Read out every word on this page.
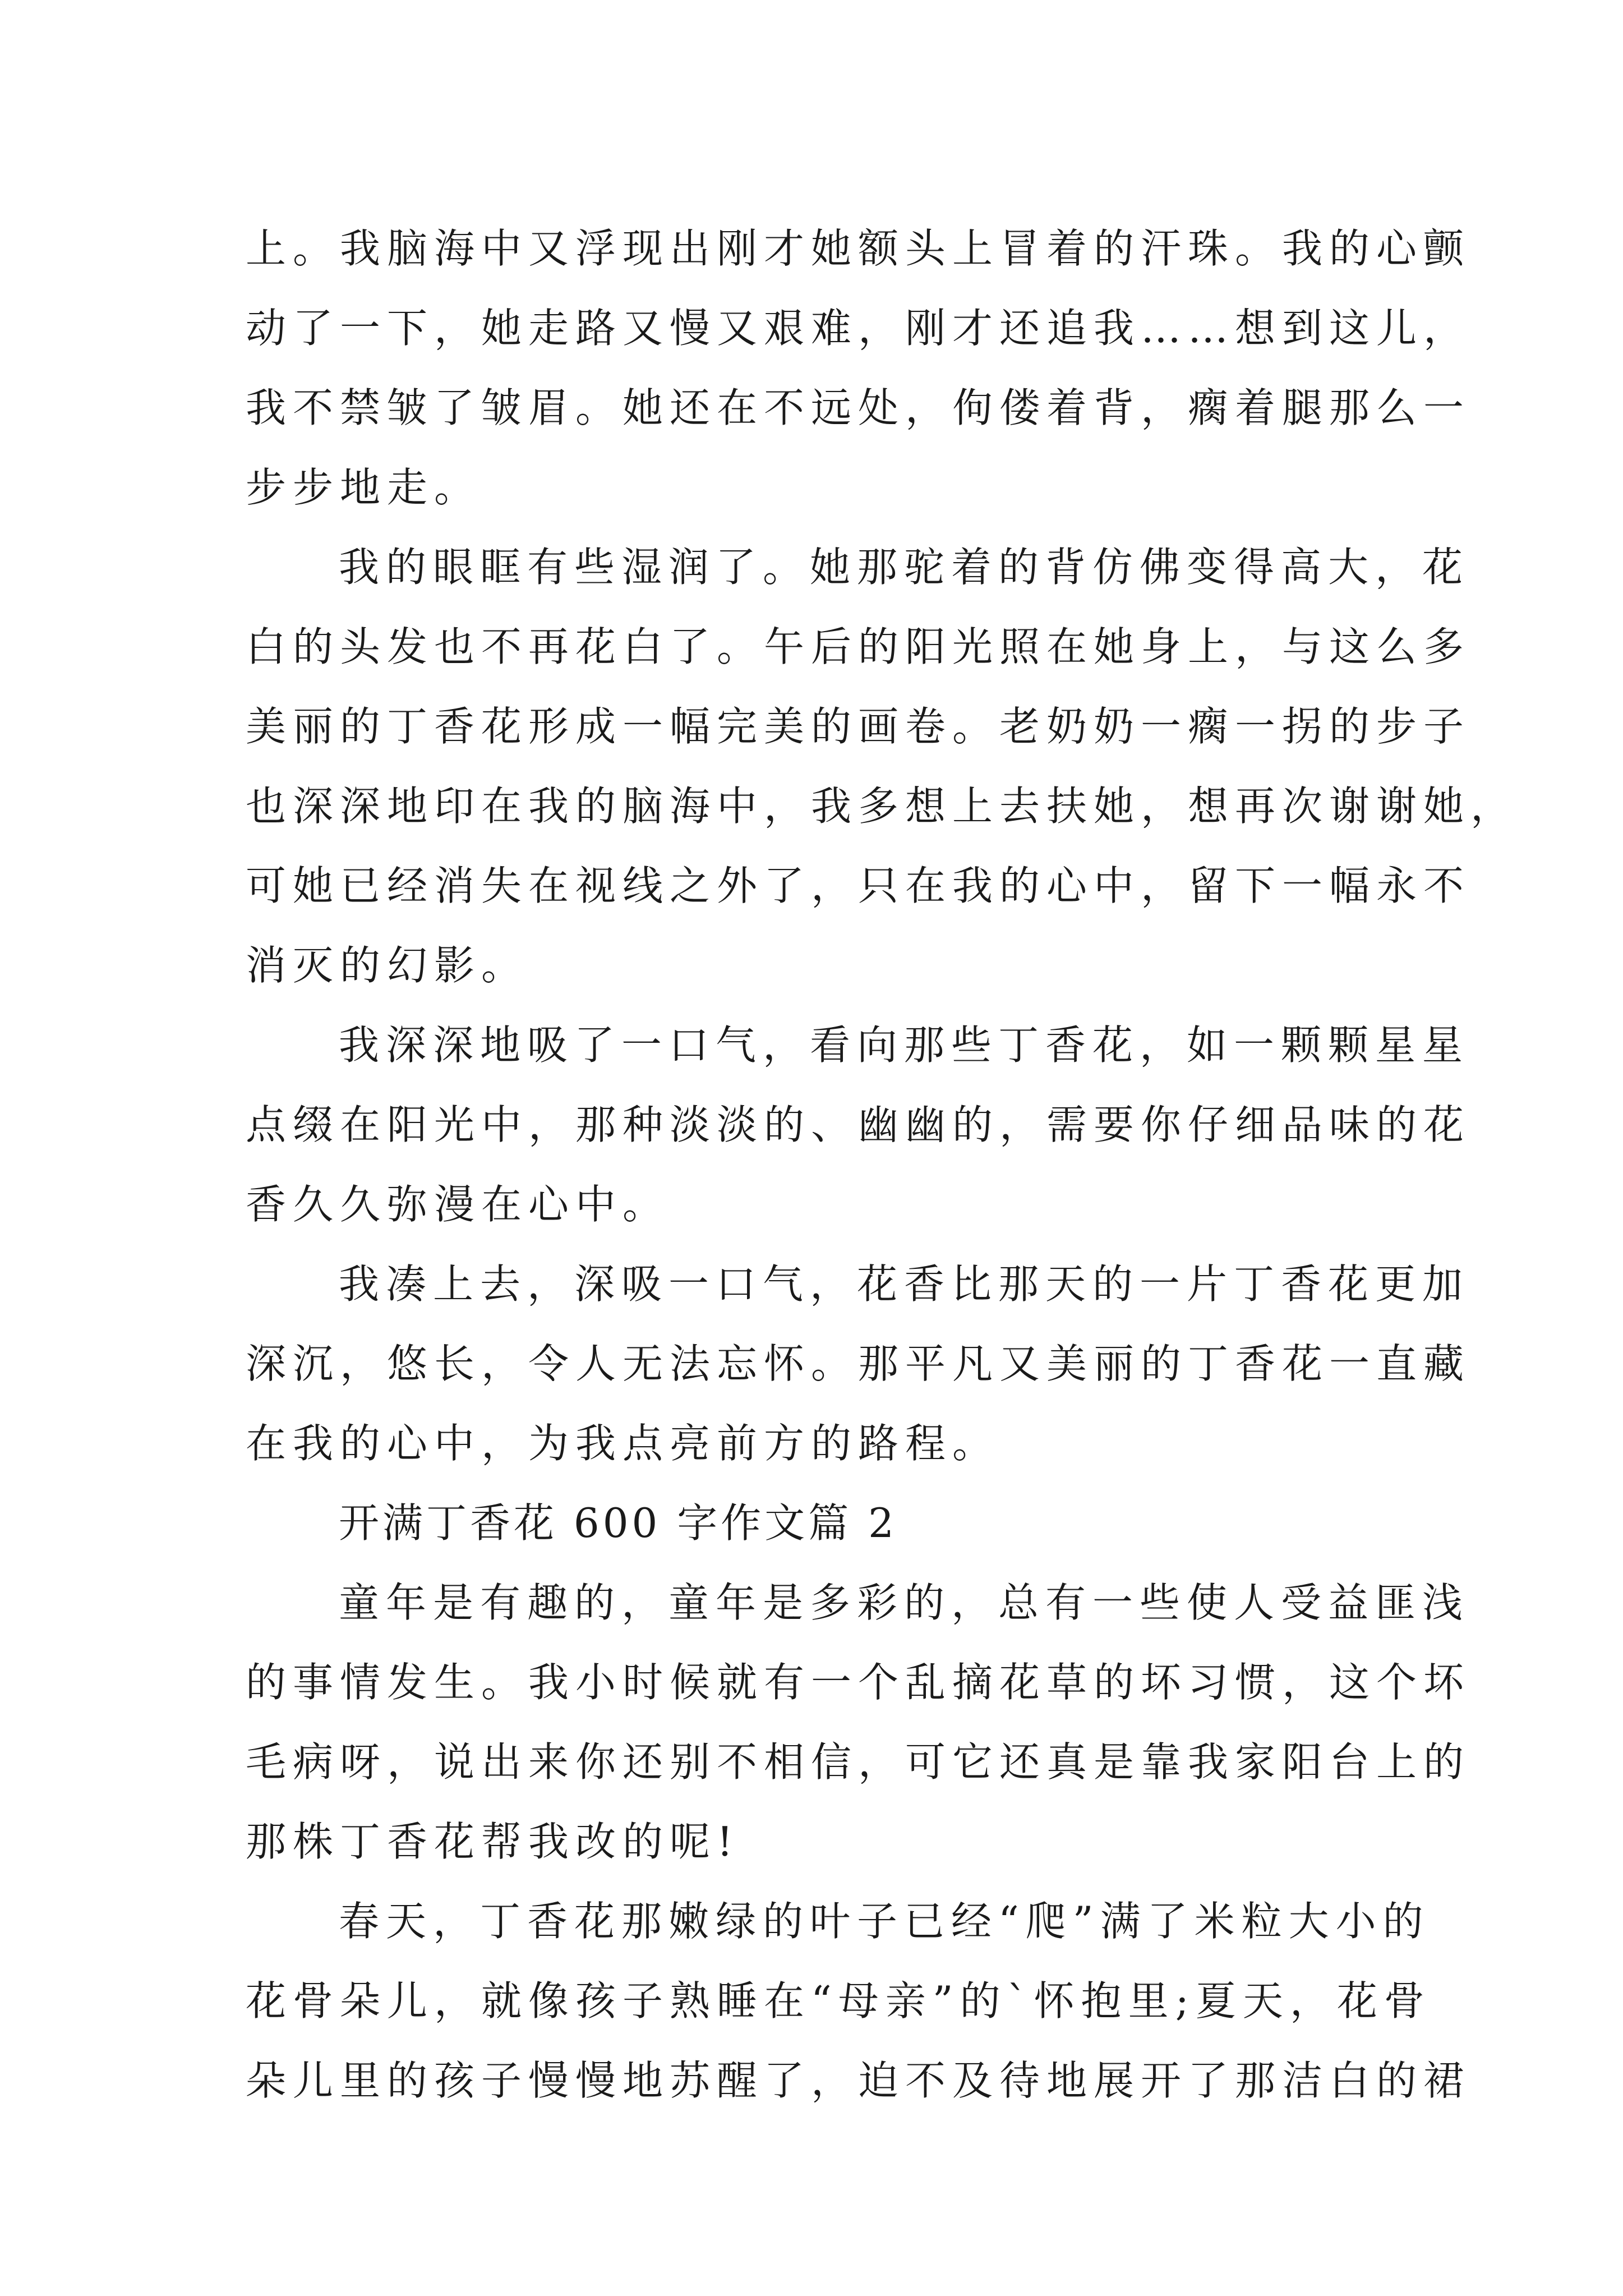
上。我脑海中又浮现出刚才她额头上冒着的汗珠。我的心颤
动了一下，她走路又慢又艰难，刚才还追我……想到这儿，
我不禁皱了皱眉。她还在不远处，佝偻着背，瘸着腿那么一
步步地走。
我的眼眶有些湿润了。她那驼着的背仿佛变得高大，花
白的头发也不再花白了。午后的阳光照在她身上，与这么多
美丽的丁香花形成一幅完美的画卷。老奶奶一瘸一拐的步子
也深深地印在我的脑海中，我多想上去扶她，想再次谢谢她，
可她已经消失在视线之外了，只在我的心中，留下一幅永不
消灭的幻影。
我深深地吸了一口气，看向那些丁香花，如一颗颗星星
点缀在阳光中，那种淡淡的、幽幽的，需要你仔细品味的花
香久久弥漫在心中。
我凑上去，深吸一口气，花香比那天的一片丁香花更加
深沉，悠长，令人无法忘怀。那平凡又美丽的丁香花一直藏
在我的心中，为我点亮前方的路程。
开满丁香花 600 字作文篇 2
童年是有趣的，童年是多彩的，总有一些使人受益匪浅
的事情发生。我小时候就有一个乱摘花草的坏习惯，这个坏
毛病呀，说出来你还别不相信，可它还真是靠我家阳台上的
那株丁香花帮我改的呢!
春天，丁香花那嫩绿的叶子已经“爬”满了米粒大小的
花骨朵儿，就像孩子熟睡在“母亲”的`怀抱里;夏天，花骨
朵儿里的孩子慢慢地苏醒了，迫不及待地展开了那洁白的裙
